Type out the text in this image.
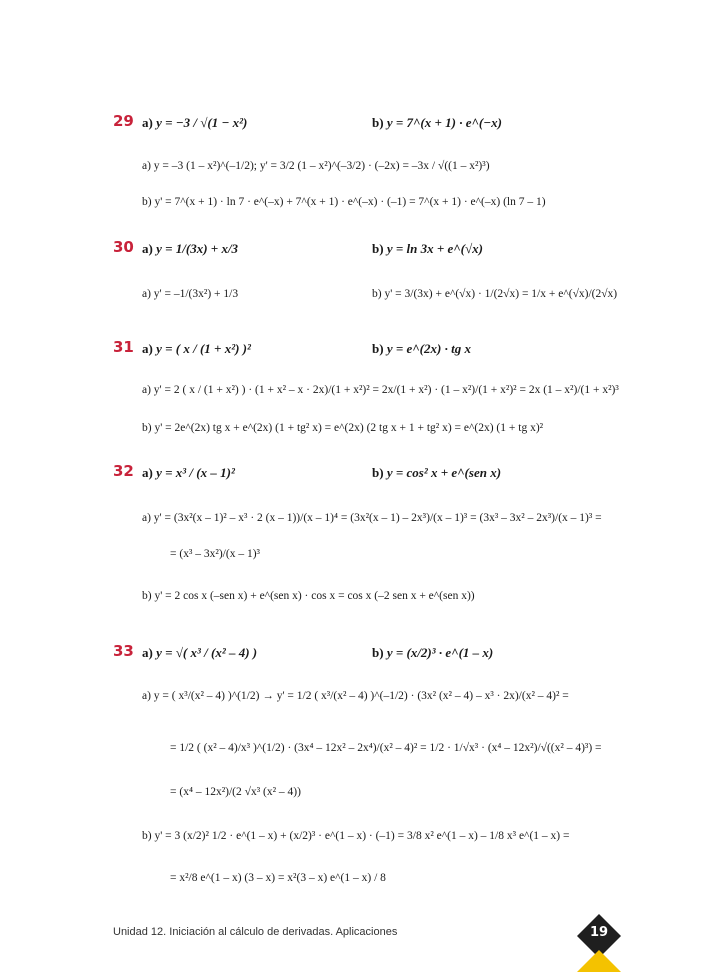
29 a) y = −3 / √(1 − x²)	b) y = 7^(x + 1) · e^(−x)
a) y = –3 (1 – x²)^(–1/2); y' = 3/2 (1 – x²)^(–3/2) · (–2x) = –3x / √((1 – x²)³)
b) y' = 7^(x + 1) · ln 7 · e^(–x) + 7^(x + 1) · e^(–x) · (–1) = 7^(x + 1) · e^(–x) (ln 7 – 1)
30 a) y = 1/(3x) + x/3	b) y = ln 3x + e^(√x)
a) y' = –1/(3x²) + 1/3	b) y' = 3/(3x) + e^(√x) · 1/(2√x) = 1/x + e^(√x)/(2√x)
31 a) y = ( x / (1 + x²) )²	b) y = e^(2x) · tg x
a) y' = 2 ( x / (1 + x²) ) · (1 + x² – x · 2x)/(1 + x²)² = 2x/(1 + x²) · (1 – x²)/(1 + x²)² = 2x (1 – x²)/(1 + x²)³
b) y' = 2e^(2x) tg x + e^(2x) (1 + tg² x) = e^(2x) (2 tg x + 1 + tg² x) = e^(2x) (1 + tg x)²
32 a) y = x³ / (x – 1)²	b) y = cos² x + e^(sen x)
a) y' = (3x²(x – 1)² – x³ · 2 (x – 1))/(x – 1)⁴ = (3x²(x – 1) – 2x³)/(x – 1)³ = (3x³ – 3x² – 2x³)/(x – 1)³ =
= (x³ – 3x²)/(x – 1)³
b) y' = 2 cos x (–sen x) + e^(sen x) · cos x = cos x (–2 sen x + e^(sen x))
33 a) y = √( x³ / (x² – 4) )	b) y = (x/2)³ · e^(1 – x)
a) y = ( x³/(x² – 4) )^(1/2) → y' = 1/2 ( x³/(x² – 4) )^(–1/2) · (3x² (x² – 4) – x³ · 2x)/(x² – 4)² =
= 1/2 ( (x² – 4)/x³ )^(1/2) · (3x⁴ – 12x² – 2x⁴)/(x² – 4)² = 1/2 · 1/√x³ · (x⁴ – 12x²)/√((x² – 4)³) =
= (x⁴ – 12x²)/(2 √x³ (x² – 4))
b) y' = 3 (x/2)² 1/2 · e^(1 – x) + (x/2)³ · e^(1 – x) · (–1) = 3/8 x² e^(1 – x) – 1/8 x³ e^(1 – x) =
= x²/8 e^(1 – x) (3 – x) = x²(3 – x) e^(1 – x) / 8
Unidad 12. Iniciación al cálculo de derivadas. Aplicaciones	19
